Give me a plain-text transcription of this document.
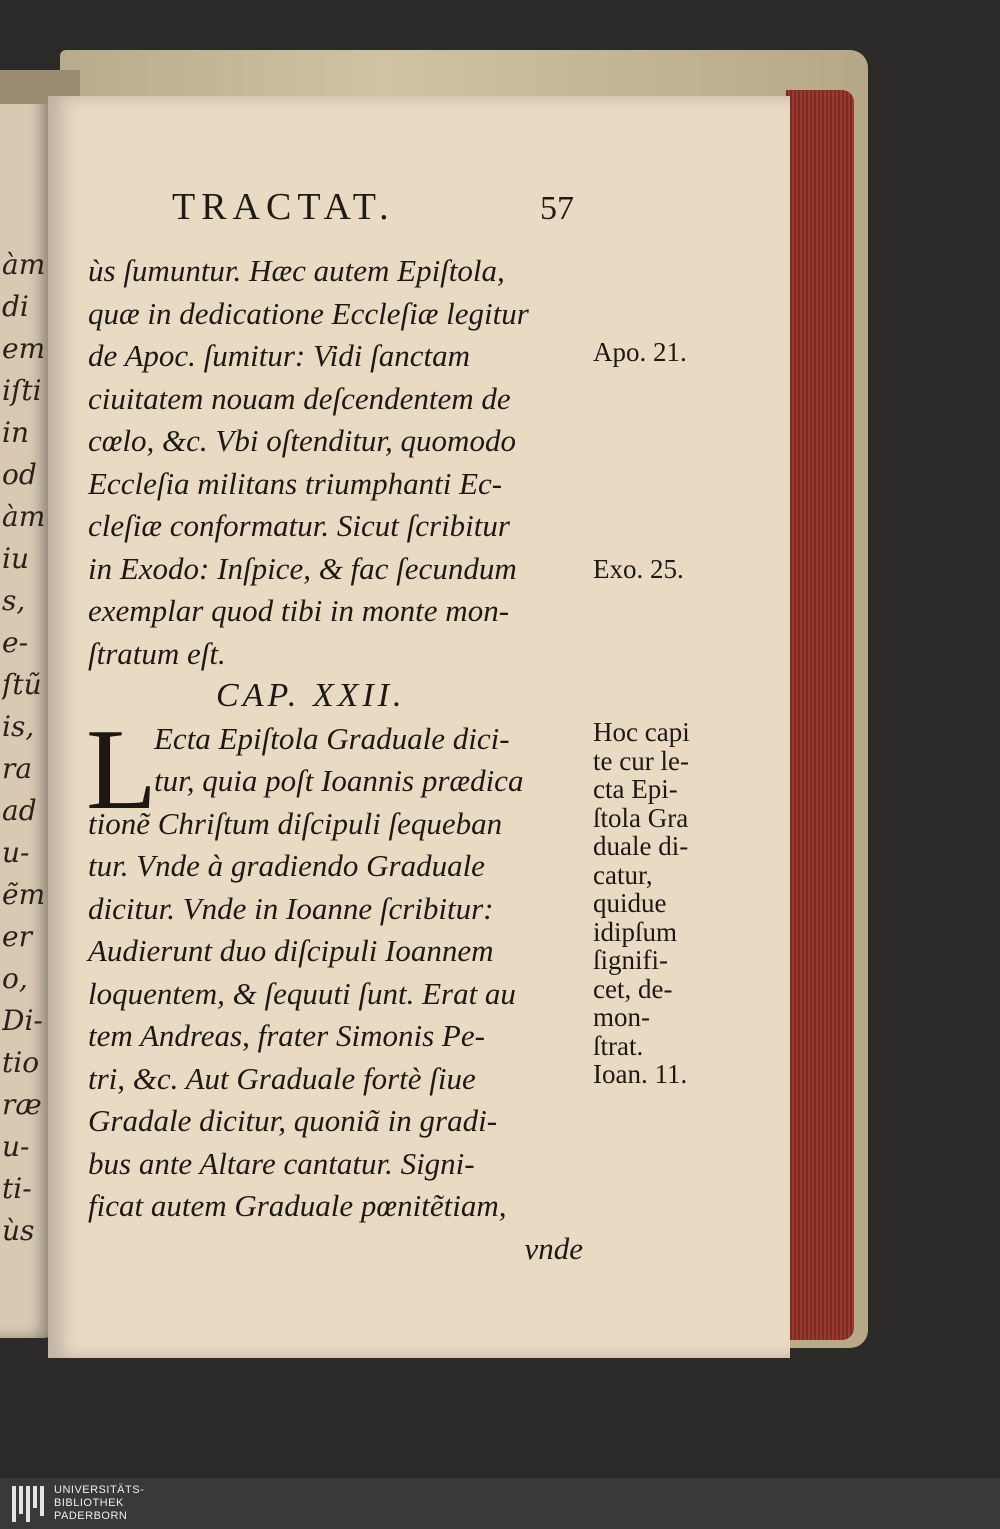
àm
di
em
iſti
in
od
àm
iu
s,
e-
ſtũ
is,
ra
ad
u-
ẽm
er
o,
Di-
tio
ræ
u-
ti-
ùs
TRACTAT.	57
ùs ſumuntur. Hæc autem Epiſtola,
quæ in dedicatione Eccleſiæ legitur
de Apoc. ſumitur: Vidi ſanctam
ciuitatem nouam deſcendentem de
cœlo, &c. Vbi oſtenditur, quomodo
Eccleſia militans triumphanti Ec-
cleſiæ conformatur. Sicut ſcribitur
in Exodo: Inſpice, & fac ſecundum
exemplar quod tibi in monte mon-
ſtratum eſt.
CAP. XXII.
Ecta Epiſtola Graduale dici-
tur, quia poſt Ioannis prædica
tionẽ Chriſtum diſcipuli ſequeban
tur. Vnde à gradiendo Graduale
dicitur. Vnde in Ioanne ſcribitur:
Audierunt duo diſcipuli Ioannem
loquentem, & ſequuti ſunt. Erat au
tem Andreas, frater Simonis Pe-
tri, &c. Aut Graduale fortè ſiue
Gradale dicitur, quoniã in gradi-
bus ante Altare cantatur. Signi-
ficat autem Graduale pœnitẽtiam,
vnde
L
Apo. 21.
Exo. 25.
Hoc capi
te cur le-
cta Epi-
ſtola Gra
duale di-
catur,
quidue
idipſum
ſignifi-
cet, de-
mon-
ſtrat.
Ioan. 11.
UNIVERSITÄTS-
BIBLIOTHEK
PADERBORN
